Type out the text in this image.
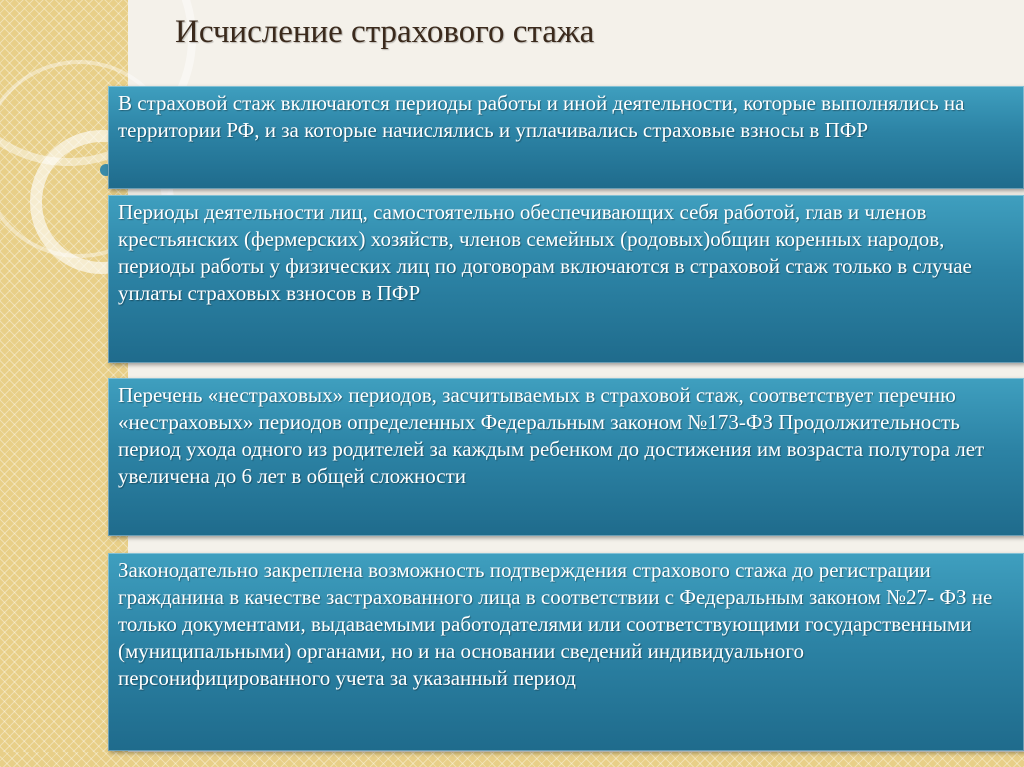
Исчисление страхового стажа

В страховой стаж включаются периоды работы и иной деятельности, которые выполнялись на территории РФ, и за которые начислялись и уплачивались страховые взносы в ПФР

Периоды деятельности лиц, самостоятельно обеспечивающих себя работой, глав и членов крестьянских (фермерских) хозяйств, членов семейных (родовых)общин коренных народов, периоды работы у физических лиц по договорам включаются в страховой стаж только в случае уплаты страховых взносов в ПФР

Перечень «нестраховых» периодов, засчитываемых в страховой стаж, соответствует перечню «нестраховых» периодов определенных Федеральным законом №173-ФЗ Продолжительность период ухода одного из родителей за каждым ребенком до достижения им возраста полутора лет увеличена до 6 лет в общей сложности

Законодательно закреплена возможность подтверждения страхового стажа до регистрации гражданина в качестве застрахованного лица в соответствии с Федеральным законом №27- ФЗ не только документами, выдаваемыми работодателями или соответствующими государственными (муниципальными) органами, но и на основании сведений индивидуального персонифицированного учета за указанный период
